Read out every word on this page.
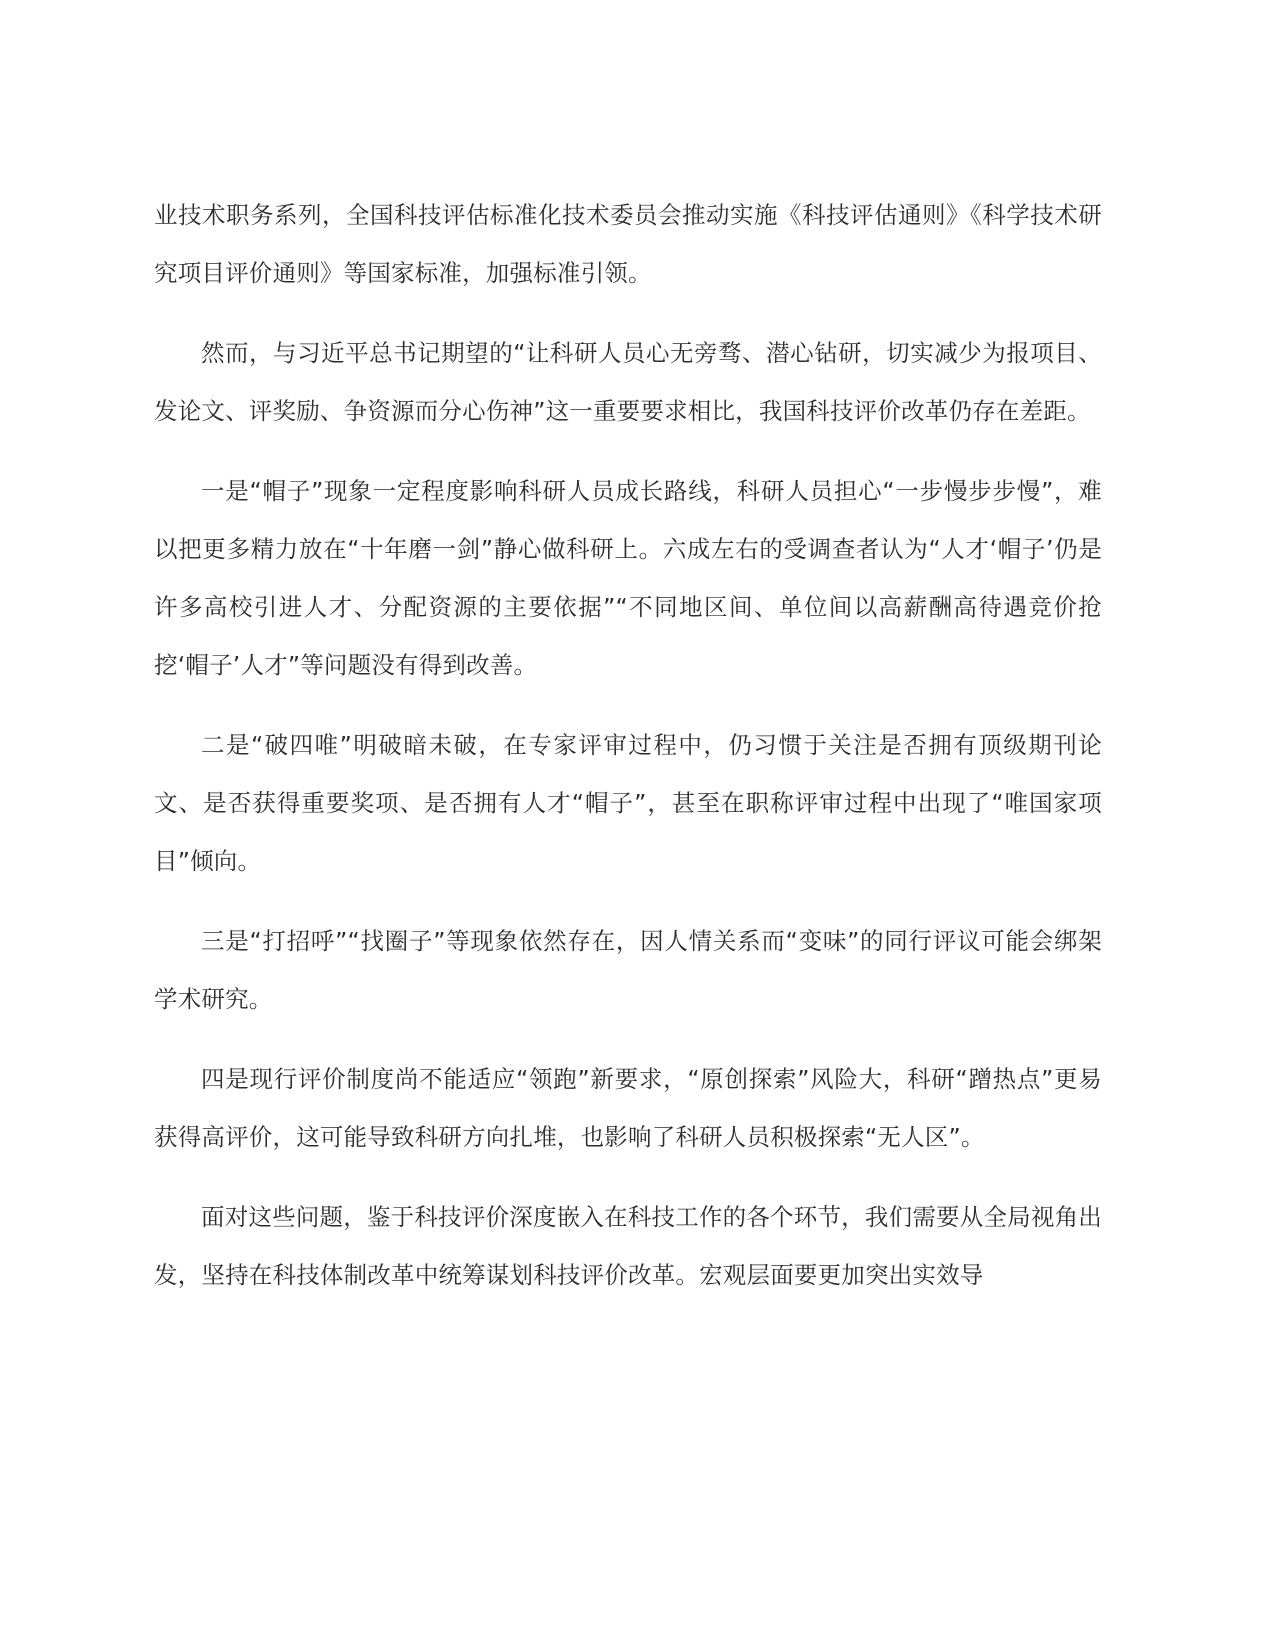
业技术职务系列，全国科技评估标准化技术委员会推动实施《科技评估通则》《科学技术研究项目评价通则》等国家标准，加强标准引领。

然而，与习近平总书记期望的“让科研人员心无旁骛、潜心钻研，切实减少为报项目、发论文、评奖励、争资源而分心伤神”这一重要要求相比，我国科技评价改革仍存在差距。

一是“帽子”现象一定程度影响科研人员成长路线，科研人员担心“一步慢步步慢”，难以把更多精力放在“十年磨一剑”静心做科研上。六成左右的受调查者认为“人才‘帽子’仍是许多高校引进人才、分配资源的主要依据”“不同地区间、单位间以高薪酬高待遇竞价抢挖‘帽子’人才”等问题没有得到改善。

二是“破四唯”明破暗未破，在专家评审过程中，仍习惯于关注是否拥有顶级期刊论文、是否获得重要奖项、是否拥有人才“帽子”，甚至在职称评审过程中出现了“唯国家项目”倾向。

三是“打招呼”“找圈子”等现象依然存在，因人情关系而“变味”的同行评议可能会绑架学术研究。

四是现行评价制度尚不能适应“领跑”新要求，“原创探索”风险大，科研“蹭热点”更易获得高评价，这可能导致科研方向扎堆，也影响了科研人员积极探索“无人区”。

面对这些问题，鉴于科技评价深度嵌入在科技工作的各个环节，我们需要从全局视角出发，坚持在科技体制改革中统筹谋划科技评价改革。宏观层面要更加突出实效导
